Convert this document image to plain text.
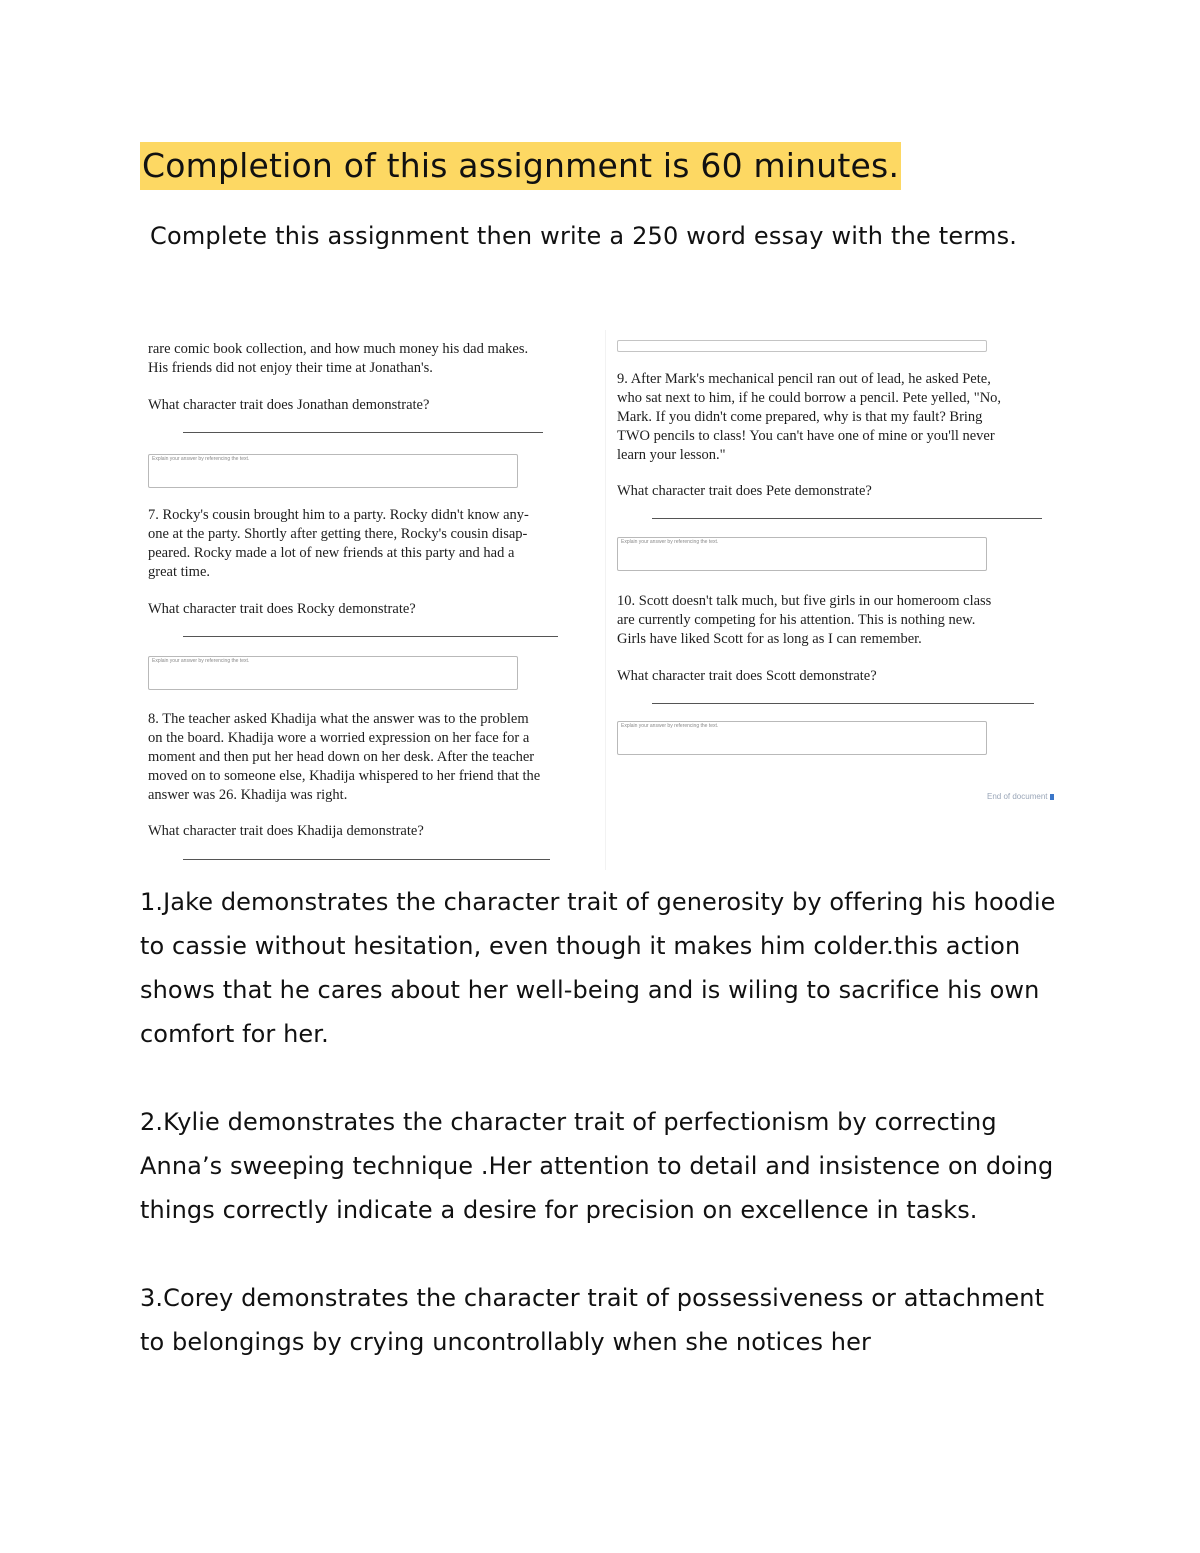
Completion of this assignment is 60 minutes.
Complete this assignment then write a 250 word essay with the terms.
rare comic book collection, and how much money his dad makes.
His friends did not enjoy their time at Jonathan's.
What character trait does Jonathan demonstrate?
Explain your answer by referencing the text.
7. Rocky's cousin brought him to a party. Rocky didn't know any-
one at the party. Shortly after getting there, Rocky's cousin disap-
peared. Rocky made a lot of new friends at this party and had a
great time.
What character trait does Rocky demonstrate?
Explain your answer by referencing the text.
8. The teacher asked Khadija what the answer was to the problem
on the board. Khadija wore a worried expression on her face for a
moment and then put her head down on her desk. After the teacher
moved on to someone else, Khadija whispered to her friend that the
answer was 26. Khadija was right.
What character trait does Khadija demonstrate?
9. After Mark's mechanical pencil ran out of lead, he asked Pete,
who sat next to him, if he could borrow a pencil. Pete yelled, "No,
Mark. If you didn't come prepared, why is that my fault? Bring
TWO pencils to class! You can't have one of mine or you'll never
learn your lesson."
What character trait does Pete demonstrate?
Explain your answer by referencing the text.
10. Scott doesn't talk much, but five girls in our homeroom class
are currently competing for his attention. This is nothing new.
Girls have liked Scott for as long as I can remember.
What character trait does Scott demonstrate?
Explain your answer by referencing the text.
End of document

1.Jake demonstrates the character trait of generosity by offering his hoodie to cassie without hesitation, even though it makes him colder.this action shows that he cares about her well-being and is wiling to sacrifice his own comfort for her.

2.Kylie demonstrates the character trait of perfectionism by correcting Anna’s sweeping technique .Her attention to detail and insistence on doing things correctly indicate a desire for precision on excellence in tasks.

3.Corey demonstrates the character trait of possessiveness or attachment to belongings by crying uncontrollably when she notices her
